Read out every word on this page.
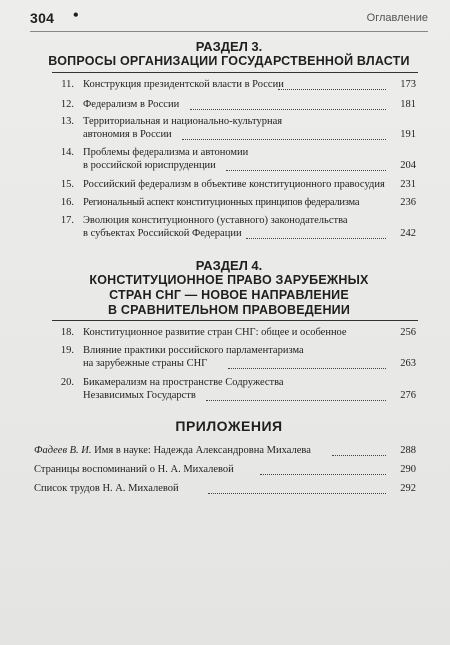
304 •	Оглавление
РАЗДЕЛ 3.
ВОПРОСЫ ОРГАНИЗАЦИИ ГОСУДАРСТВЕННОЙ ВЛАСТИ
11. Конструкция президентской власти в России	173
12. Федерализм в России	181
13. Территориальная и национально-культурная
автономия в России	191
14. Проблемы федерализма и автономии
в российской юриспруденции	204
15. Российский федерализм в объективе конституционного правосудия	231
16. Региональный аспект конституционных принципов федерализма	236
17. Эволюция конституционного (уставного) законодательства
в субъектах Российской Федерации	242
РАЗДЕЛ 4.
КОНСТИТУЦИОННОЕ ПРАВО ЗАРУБЕЖНЫХ
СТРАН СНГ — НОВОЕ НАПРАВЛЕНИЕ
В СРАВНИТЕЛЬНОМ ПРАВОВЕДЕНИИ
18. Конституционное развитие стран СНГ: общее и особенное	256
19. Влияние практики российского парламентаризма
на зарубежные страны СНГ	263
20. Бикамерализм на пространстве Содружества
Независимых Государств	276
ПРИЛОЖЕНИЯ
Фадеев В. И. Имя в науке: Надежда Александровна Михалева	288
Страницы воспоминаний о Н. А. Михалевой	290
Список трудов Н. А. Михалевой	292
